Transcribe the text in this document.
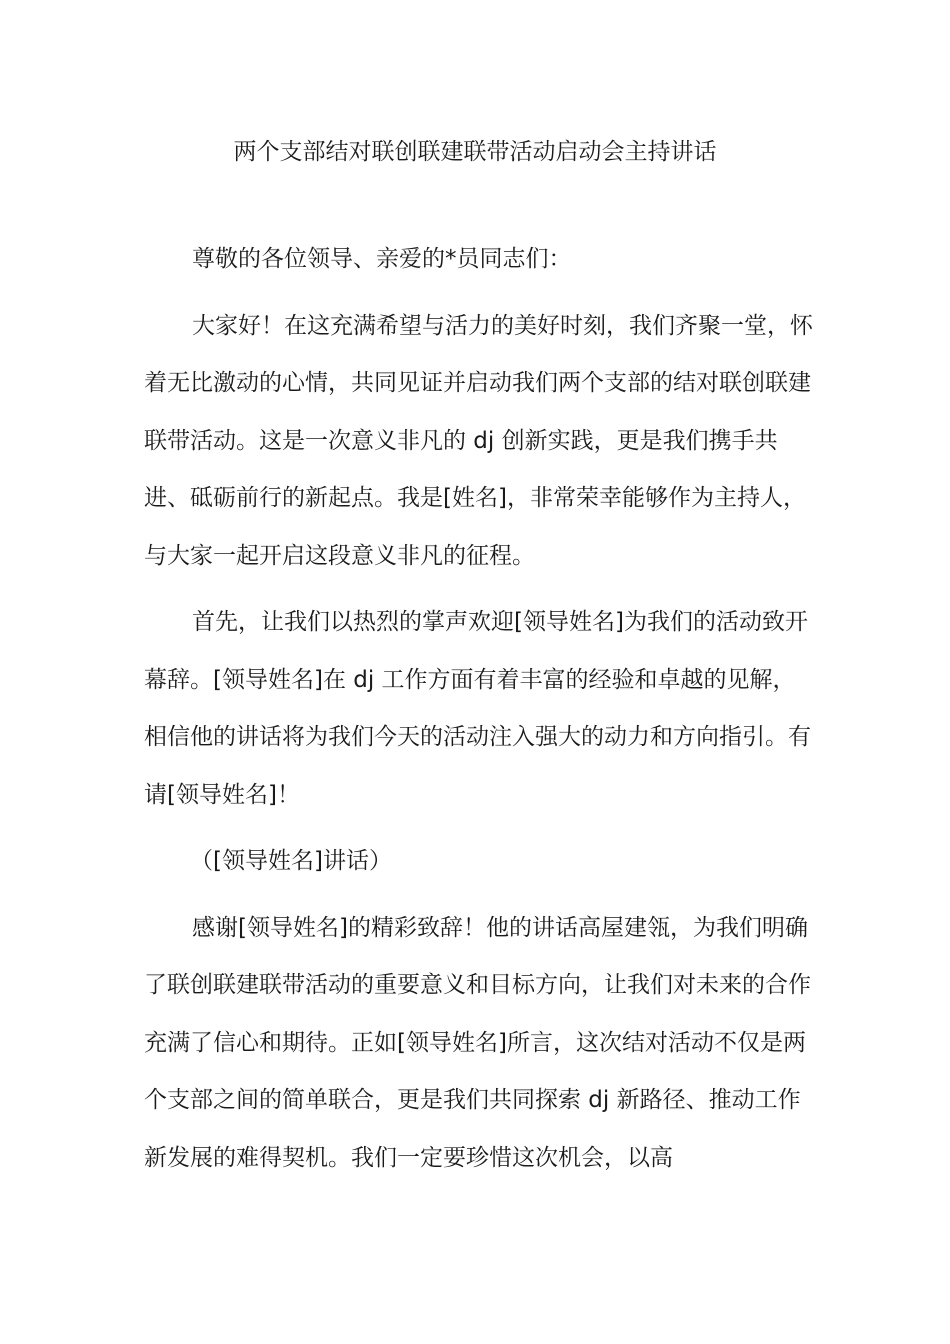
两个支部结对联创联建联带活动启动会主持讲话

尊敬的各位领导、亲爱的*员同志们：

大家好！在这充满希望与活力的美好时刻，我们齐聚一堂，怀着无比激动的心情，共同见证并启动我们两个支部的结对联创联建联带活动。这是一次意义非凡的 dj 创新实践，更是我们携手共进、砥砺前行的新起点。我是[姓名]，非常荣幸能够作为主持人，与大家一起开启这段意义非凡的征程。

首先，让我们以热烈的掌声欢迎[领导姓名]为我们的活动致开幕辞。[领导姓名]在 dj 工作方面有着丰富的经验和卓越的见解，相信他的讲话将为我们今天的活动注入强大的动力和方向指引。有请[领导姓名]！

（[领导姓名]讲话）

感谢[领导姓名]的精彩致辞！他的讲话高屋建瓴，为我们明确了联创联建联带活动的重要意义和目标方向，让我们对未来的合作充满了信心和期待。正如[领导姓名]所言，这次结对活动不仅是两个支部之间的简单联合，更是我们共同探索 dj 新路径、推动工作新发展的难得契机。我们一定要珍惜这次机会，以高
